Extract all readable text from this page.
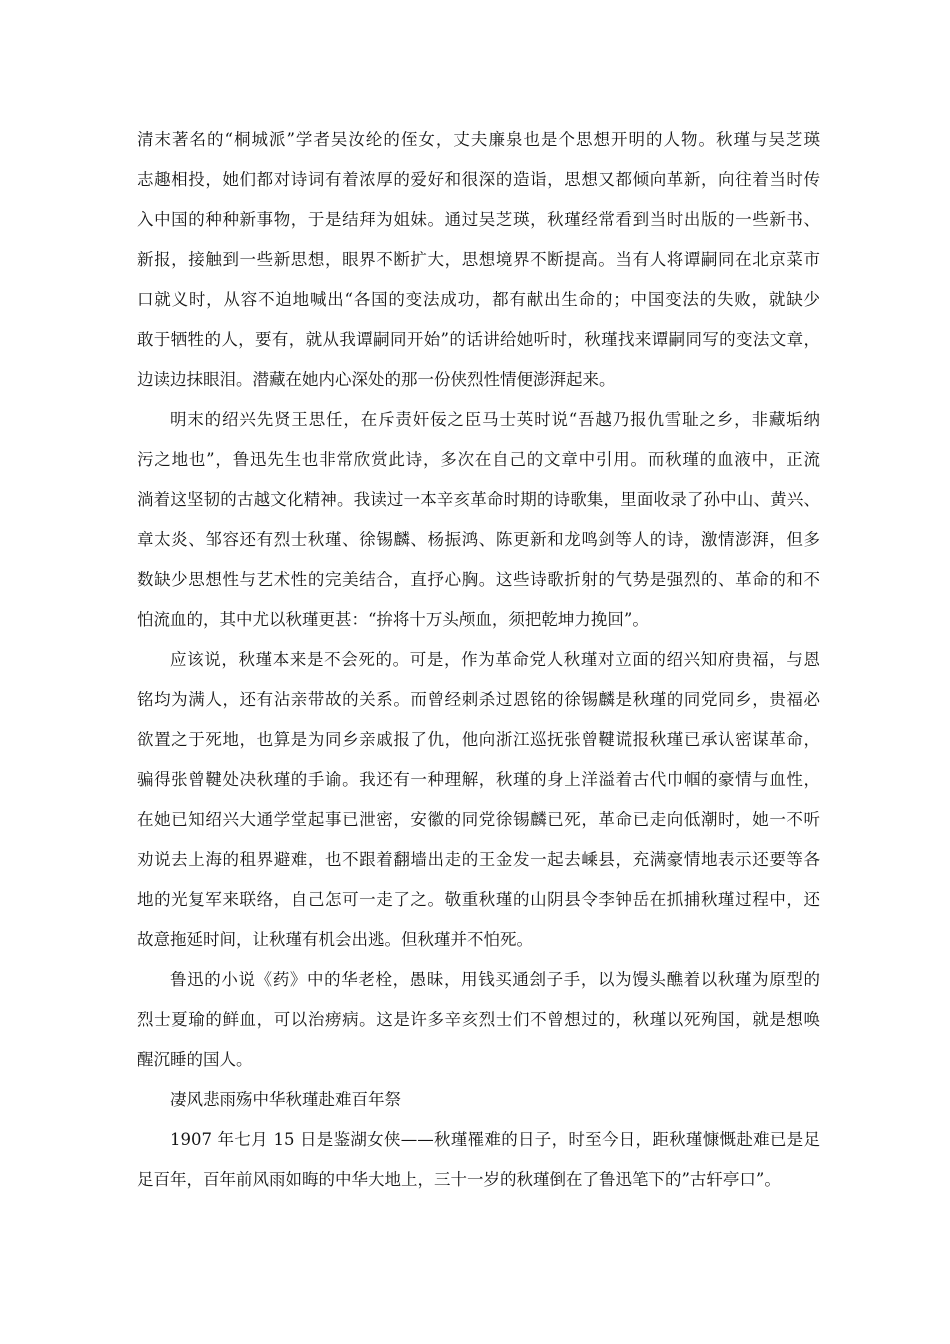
清末著名的“桐城派”学者吴汝纶的侄女，丈夫廉泉也是个思想开明的人物。秋瑾与吴芝瑛
志趣相投，她们都对诗词有着浓厚的爱好和很深的造诣，思想又都倾向革新，向往着当时传
入中国的种种新事物，于是结拜为姐妹。通过吴芝瑛，秋瑾经常看到当时出版的一些新书、
新报，接触到一些新思想，眼界不断扩大，思想境界不断提高。当有人将谭嗣同在北京菜市
口就义时，从容不迫地喊出“各国的变法成功，都有献出生命的；中国变法的失败，就缺少
敢于牺牲的人，要有，就从我谭嗣同开始”的话讲给她听时，秋瑾找来谭嗣同写的变法文章，
边读边抹眼泪。潜藏在她内心深处的那一份侠烈性情便澎湃起来。
明末的绍兴先贤王思任，在斥责奸佞之臣马士英时说“吾越乃报仇雪耻之乡，非藏垢纳
污之地也”，鲁迅先生也非常欣赏此诗，多次在自己的文章中引用。而秋瑾的血液中，正流
淌着这坚韧的古越文化精神。我读过一本辛亥革命时期的诗歌集，里面收录了孙中山、黄兴、
章太炎、邹容还有烈士秋瑾、徐锡麟、杨振鸿、陈更新和龙鸣剑等人的诗，激情澎湃，但多
数缺少思想性与艺术性的完美结合，直抒心胸。这些诗歌折射的气势是强烈的、革命的和不
怕流血的，其中尤以秋瑾更甚：“拚将十万头颅血，须把乾坤力挽回”。
应该说，秋瑾本来是不会死的。可是，作为革命党人秋瑾对立面的绍兴知府贵福，与恩
铭均为满人，还有沾亲带故的关系。而曾经刺杀过恩铭的徐锡麟是秋瑾的同党同乡，贵福必
欲置之于死地，也算是为同乡亲戚报了仇，他向浙江巡抚张曾鞬谎报秋瑾已承认密谋革命，
骗得张曾鞬处决秋瑾的手谕。我还有一种理解，秋瑾的身上洋溢着古代巾帼的豪情与血性，
在她已知绍兴大通学堂起事已泄密，安徽的同党徐锡麟已死，革命已走向低潮时，她一不听
劝说去上海的租界避难，也不跟着翻墙出走的王金发一起去嵊县，充满豪情地表示还要等各
地的光复军来联络，自己怎可一走了之。敬重秋瑾的山阴县令李钟岳在抓捕秋瑾过程中，还
故意拖延时间，让秋瑾有机会出逃。但秋瑾并不怕死。
鲁迅的小说《药》中的华老栓，愚昧，用钱买通刽子手，以为馒头醮着以秋瑾为原型的
烈士夏瑜的鲜血，可以治痨病。这是许多辛亥烈士们不曾想过的，秋瑾以死殉国，就是想唤
醒沉睡的国人。
凄风悲雨殇中华秋瑾赴难百年祭
1907 年七月 15 日是鉴湖女侠——秋瑾罹难的日子，时至今日，距秋瑾慷慨赴难已是足
足百年，百年前风雨如晦的中华大地上，三十一岁的秋瑾倒在了鲁迅笔下的”古轩亭口”。
